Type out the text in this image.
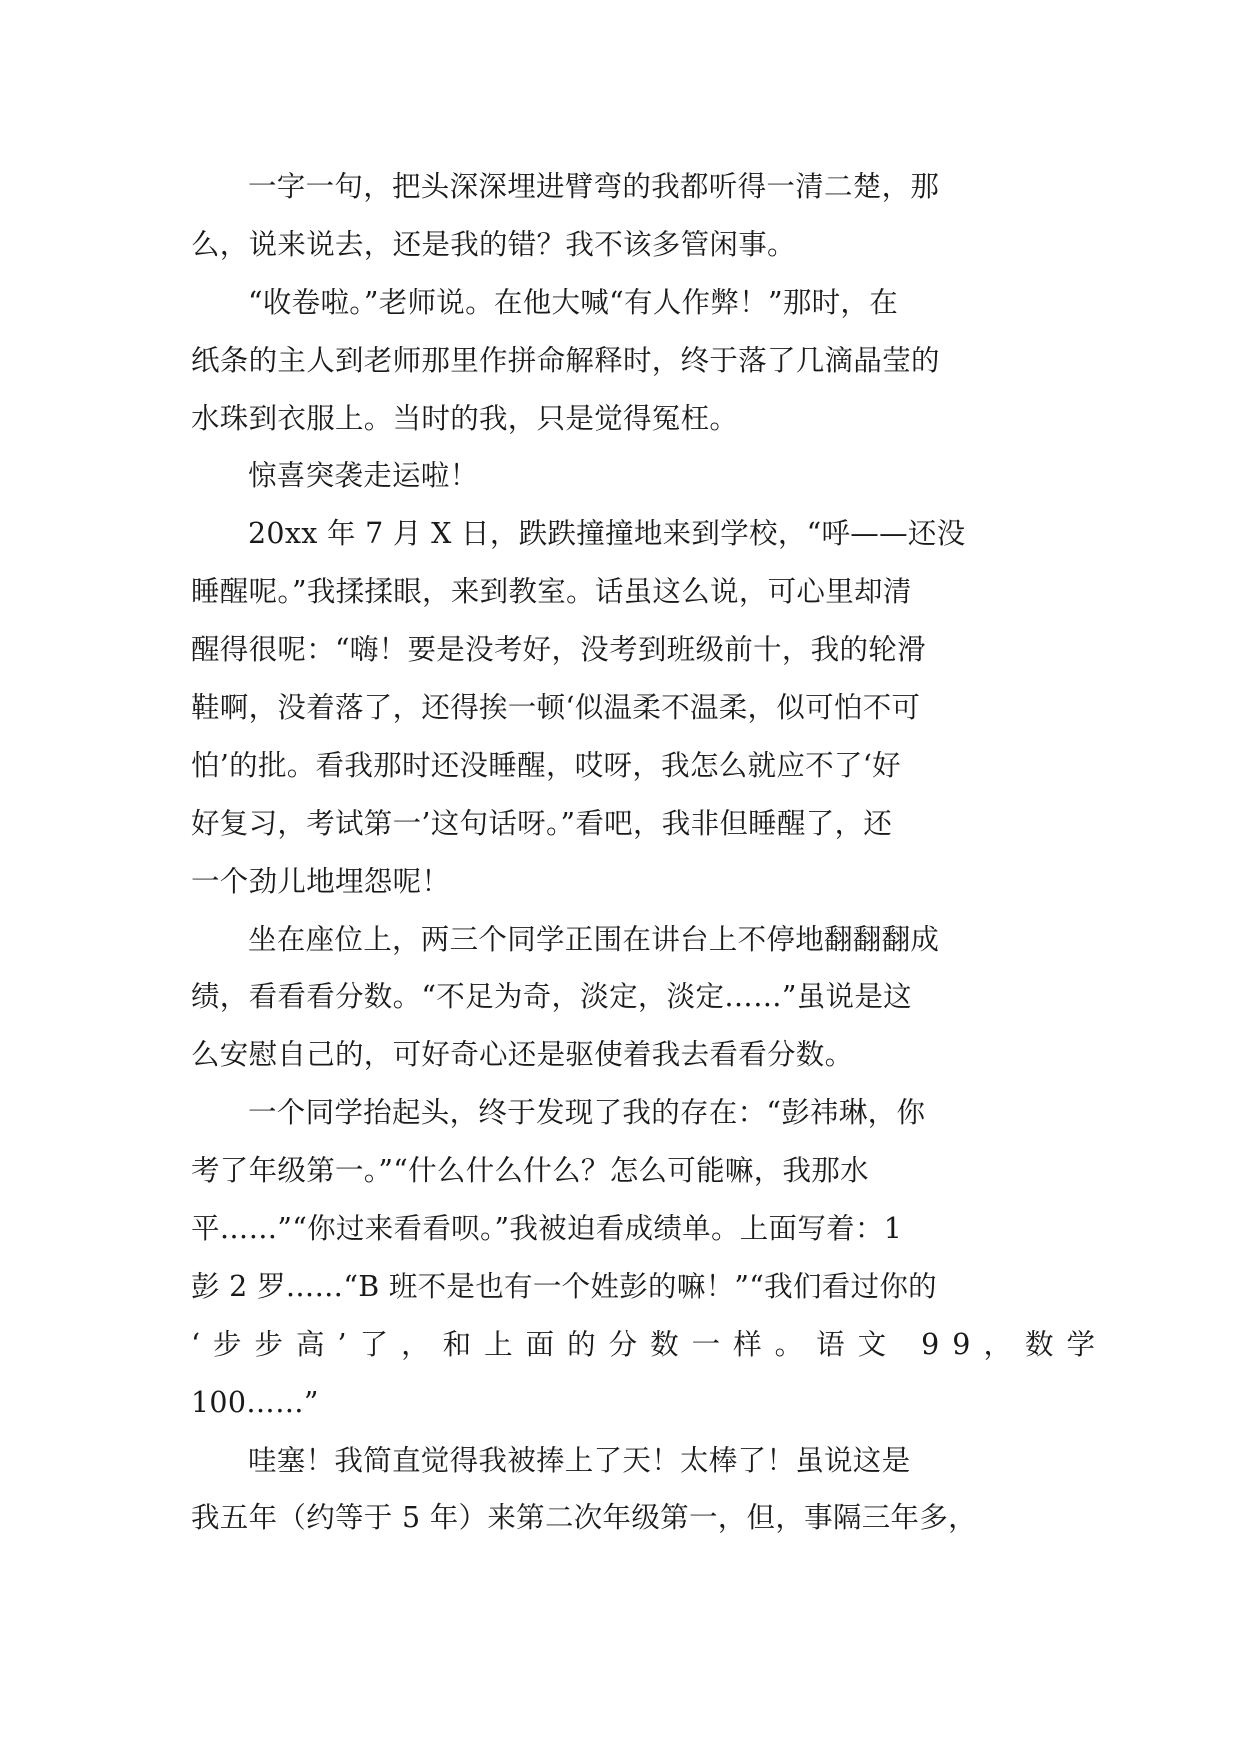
一字一句，把头深深埋进臂弯的我都听得一清二楚，那
么，说来说去，还是我的错？我不该多管闲事。
“收卷啦。”老师说。在他大喊“有人作弊！”那时，在
纸条的主人到老师那里作拼命解释时，终于落了几滴晶莹的
水珠到衣服上。当时的我，只是觉得冤枉。
惊喜突袭走运啦！
20xx 年 7 月 X 日，跌跌撞撞地来到学校，“呼——还没
睡醒呢。”我揉揉眼，来到教室。话虽这么说，可心里却清
醒得很呢：“嗨！要是没考好，没考到班级前十，我的轮滑
鞋啊，没着落了，还得挨一顿‘似温柔不温柔，似可怕不可
怕’的批。看我那时还没睡醒，哎呀，我怎么就应不了‘好
好复习，考试第一’这句话呀。”看吧，我非但睡醒了，还
一个劲儿地埋怨呢！
坐在座位上，两三个同学正围在讲台上不停地翻翻翻成
绩，看看看分数。“不足为奇，淡定，淡定……”虽说是这
么安慰自己的，可好奇心还是驱使着我去看看分数。
一个同学抬起头，终于发现了我的存在：“彭祎琳，你
考了年级第一。”“什么什么什么？怎么可能嘛，我那水
平……”“你过来看看呗。”我被迫看成绩单。上面写着：1
彭 2 罗……“B 班不是也有一个姓彭的嘛！”“我们看过你的
‘步步高’了，和上面的分数一样。语文 99，数学
100……”
哇塞！我简直觉得我被捧上了天！太棒了！虽说这是
我五年（约等于 5 年）来第二次年级第一，但，事隔三年多，
